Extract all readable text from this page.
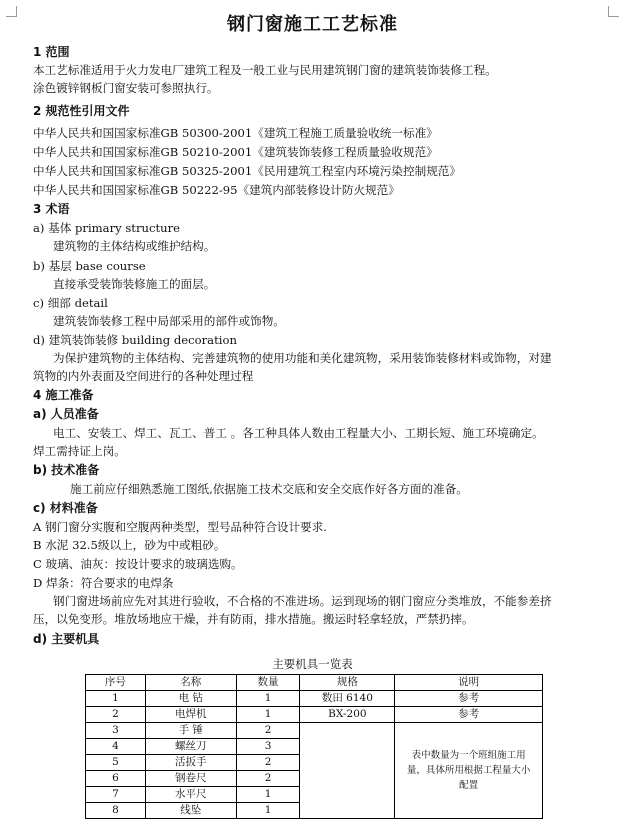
钢门窗施工工艺标准
1 范围
本工艺标准适用于火力发电厂建筑工程及一般工业与民用建筑钢门窗的建筑装饰装修工程。
涂色镀锌钢板门窗安装可参照执行。
2 规范性引用文件
中华人民共和国国家标准GB 50300-2001《建筑工程施工质量验收统一标准》
中华人民共和国国家标准GB 50210-2001《建筑装饰装修工程质量验收规范》
中华人民共和国国家标准GB 50325-2001《民用建筑工程室内环境污染控制规范》
中华人民共和国国家标准GB 50222-95《建筑内部装修设计防火规范》
3 术语
a) 基体 primary structure
建筑物的主体结构或维护结构。
b) 基层 base course
直接承受装饰装修施工的面层。
c) 细部 detail
建筑装饰装修工程中局部采用的部件或饰物。
d) 建筑装饰装修 building decoration
为保护建筑物的主体结构、完善建筑物的使用功能和美化建筑物，采用装饰装修材料或饰物，对建
筑物的内外表面及空间进行的各种处理过程
4 施工准备
a) 人员准备
电工、安装工、焊工、瓦工、普工 。各工种具体人数由工程量大小、工期长短、施工环境确定。
焊工需持证上岗。
b) 技术准备
施工前应仔细熟悉施工图纸,依据施工技术交底和安全交底作好各方面的准备。
c) 材料准备
A 钢门窗分实腹和空腹两种类型，型号品种符合设计要求.
B 水泥 32.5级以上，砂为中或粗砂。
C 玻璃、油灰：按设计要求的玻璃选购。
D 焊条：符合要求的电焊条
钢门窗进场前应先对其进行验收，不合格的不准进场。运到现场的钢门窗应分类堆放，不能参差挤
压，以免变形。堆放场地应干燥，并有防雨，排水措施。搬运时轻拿轻放，严禁扔摔。
d) 主要机具
主要机具一览表
序号	名称	数量	规格	说明
1	电 钻	1	数田 6140	参考
2	电焊机	1	BX-200	参考
3	手 锤	2		表中数量为一个班组施工用量，具体所用根据工程量大小配置
4	螺丝刀	3		
5	活扳手	2		
6	钢卷尺	2		
7	水平尺	1		
8	线坠	1		
